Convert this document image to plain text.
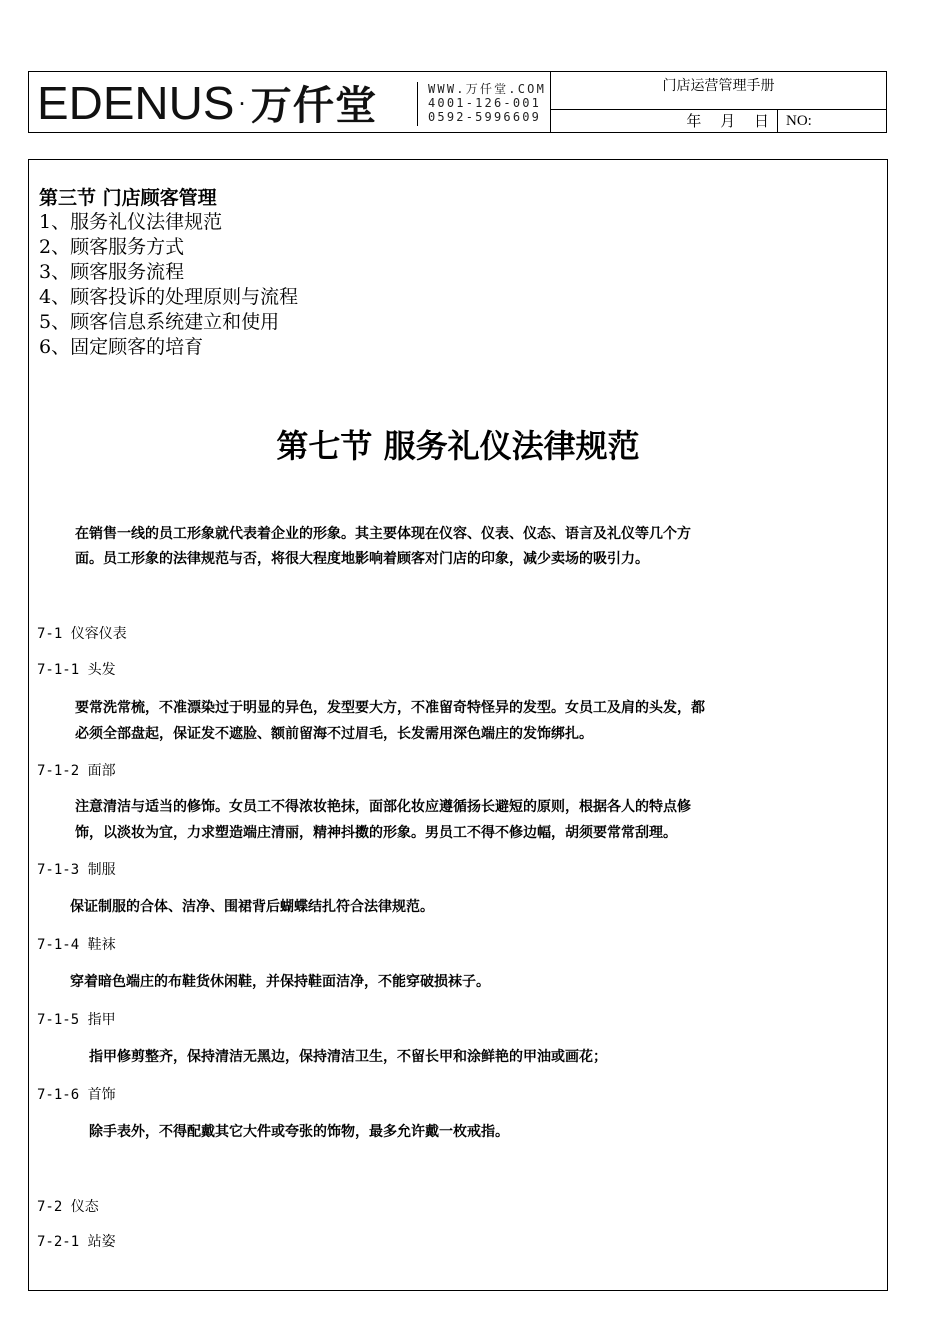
EDENUS·万仟堂	WWW.万仟堂.COM
4001-126-001
0592-5996609
门店运营管理手册
年 月 日	NO:
第三节 门店顾客管理
1、服务礼仪法律规范
2、顾客服务方式
3、顾客服务流程
4、顾客投诉的处理原则与流程
5、顾客信息系统建立和使用
6、固定顾客的培育
第七节 服务礼仪法律规范
在销售一线的员工形象就代表着企业的形象。其主要体现在仪容、仪表、仪态、语言及礼仪等几个方
面。员工形象的法律规范与否，将很大程度地影响着顾客对门店的印象，减少卖场的吸引力。
7-1 仪容仪表
7-1-1 头发
要常洗常梳，不准漂染过于明显的异色，发型要大方，不准留奇特怪异的发型。女员工及肩的头发，都
必须全部盘起，保证发不遮脸、额前留海不过眉毛，长发需用深色端庄的发饰绑扎。
7-1-2 面部
注意清洁与适当的修饰。女员工不得浓妆艳抹，面部化妆应遵循扬长避短的原则，根据各人的特点修
饰，以淡妆为宜，力求塑造端庄清丽，精神抖擞的形象。男员工不得不修边幅，胡须要常常刮理。
7-1-3 制服
保证制服的合体、洁净、围裙背后蝴蝶结扎符合法律规范。
7-1-4 鞋袜
穿着暗色端庄的布鞋货休闲鞋，并保持鞋面洁净，不能穿破损袜子。
7-1-5 指甲
指甲修剪整齐，保持清洁无黑边，保持清洁卫生，不留长甲和涂鲜艳的甲油或画花；
7-1-6 首饰
除手表外，不得配戴其它大件或夸张的饰物，最多允许戴一枚戒指。
7-2 仪态
7-2-1 站姿
